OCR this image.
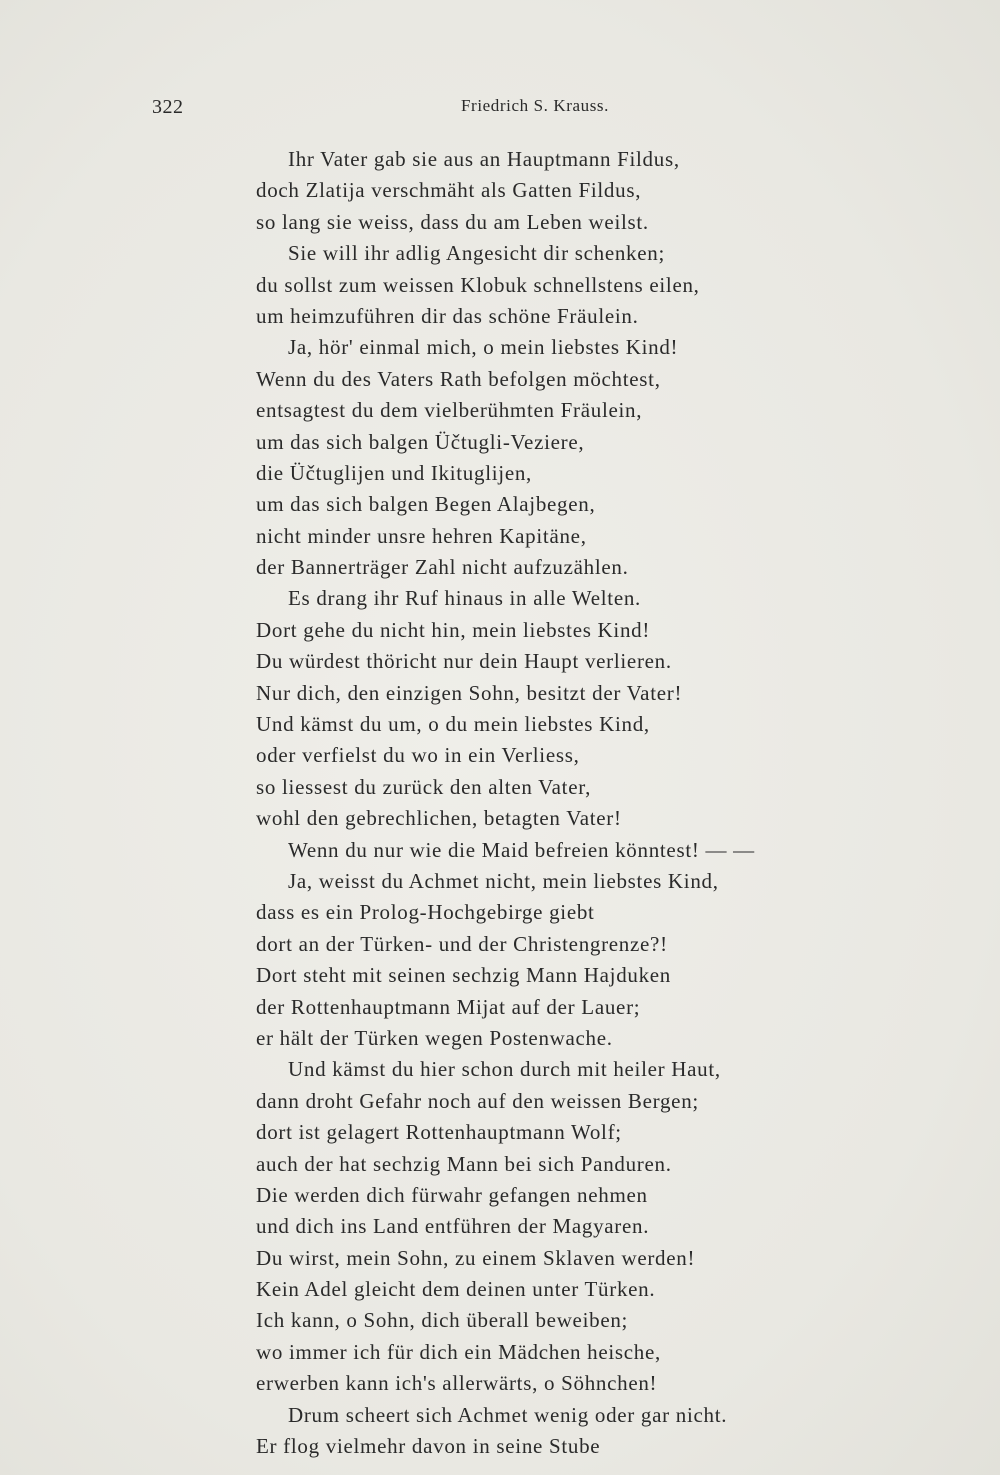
322	Friedrich S. Krauss.
Ihr Vater gab sie aus an Hauptmann Fildus,
doch Zlatija verschmäht als Gatten Fildus,
so lang sie weiss, dass du am Leben weilst.
Sie will ihr adlig Angesicht dir schenken;
du sollst zum weissen Klobuk schnellstens eilen,
um heimzuführen dir das schöne Fräulein.
Ja, hör' einmal mich, o mein liebstes Kind!
Wenn du des Vaters Rath befolgen möchtest,
entsagtest du dem vielberühmten Fräulein,
um das sich balgen Üčtugli-Veziere,
die Üčtuglijen und Ikituglijen,
um das sich balgen Begen Alajbegen,
nicht minder unsre hehren Kapitäne,
der Bannerträger Zahl nicht aufzuzählen.
Es drang ihr Ruf hinaus in alle Welten.
Dort gehe du nicht hin, mein liebstes Kind!
Du würdest thöricht nur dein Haupt verlieren.
Nur dich, den einzigen Sohn, besitzt der Vater!
Und kämst du um, o du mein liebstes Kind,
oder verfielst du wo in ein Verliess,
so liessest du zurück den alten Vater,
wohl den gebrechlichen, betagten Vater!
Wenn du nur wie die Maid befreien könntest! — —
Ja, weisst du Achmet nicht, mein liebstes Kind,
dass es ein Prolog-Hochgebirge giebt
dort an der Türken- und der Christengrenze?!
Dort steht mit seinen sechzig Mann Hajduken
der Rottenhauptmann Mijat auf der Lauer;
er hält der Türken wegen Postenwache.
Und kämst du hier schon durch mit heiler Haut,
dann droht Gefahr noch auf den weissen Bergen;
dort ist gelagert Rottenhauptmann Wolf;
auch der hat sechzig Mann bei sich Panduren.
Die werden dich fürwahr gefangen nehmen
und dich ins Land entführen der Magyaren.
Du wirst, mein Sohn, zu einem Sklaven werden!
Kein Adel gleicht dem deinen unter Türken.
Ich kann, o Sohn, dich überall beweiben;
wo immer ich für dich ein Mädchen heische,
erwerben kann ich's allerwärts, o Söhnchen!
Drum scheert sich Achmet wenig oder gar nicht.
Er flog vielmehr davon in seine Stube
